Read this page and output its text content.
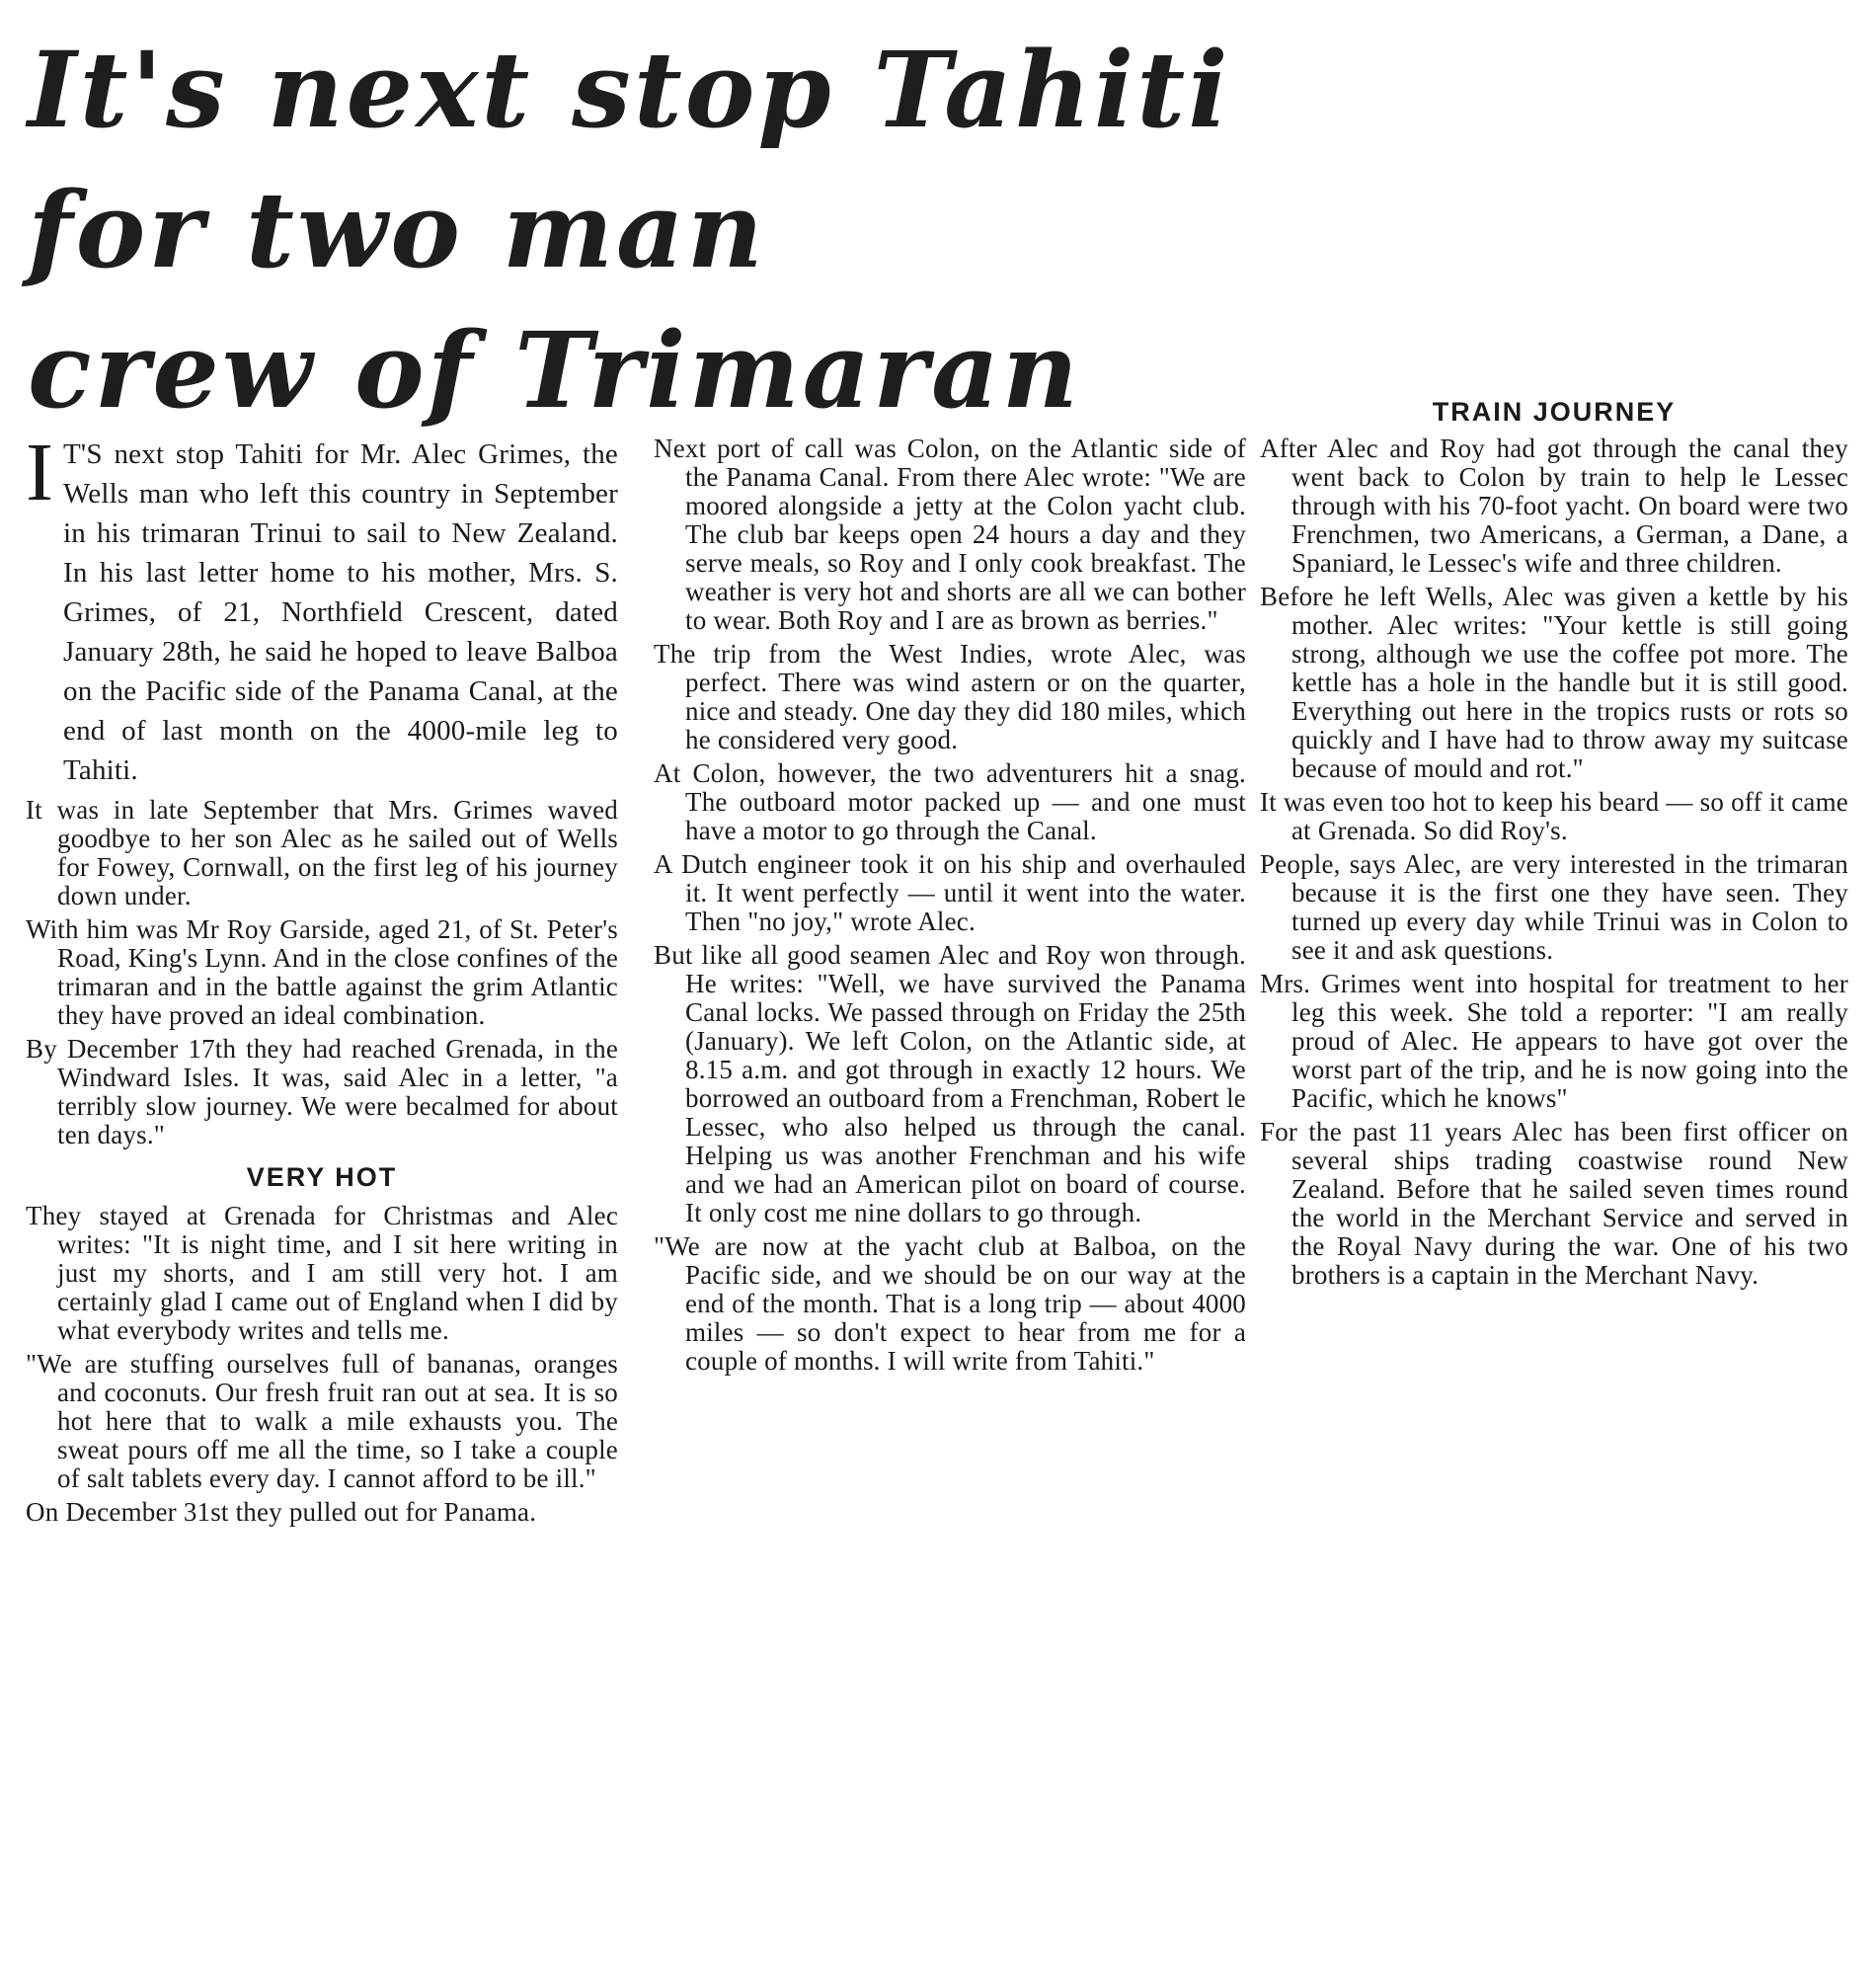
It's next stop Tahiti
for two man
crew of Trimaran

I T'S next stop Tahiti for Mr. Alec Grimes, the Wells man who left this country in September in his trimaran Trinui to sail to New Zealand. In his last letter home to his mother, Mrs. S. Grimes, of 21, Northfield Crescent, dated January 28th, he said he hoped to leave Balboa on the Pacific side of the Panama Canal, at the end of last month on the 4000-mile leg to Tahiti.

It was in late September that Mrs. Grimes waved goodbye to her son Alec as he sailed out of Wells for Fowey, Cornwall, on the first leg of his journey down under.

With him was Mr Roy Garside, aged 21, of St. Peter's Road, King's Lynn. And in the close confines of the trimaran and in the battle against the grim Atlantic they have proved an ideal combination.

By December 17th they had reached Grenada, in the Windward Isles. It was, said Alec in a letter, "a terribly slow journey. We were becalmed for about ten days."

VERY HOT

They stayed at Grenada for Christmas and Alec writes: "It is night time, and I sit here writing in just my shorts, and I am still very hot. I am certainly glad I came out of England when I did by what everybody writes and tells me.

"We are stuffing ourselves full of bananas, oranges and coconuts. Our fresh fruit ran out at sea. It is so hot here that to walk a mile exhausts you. The sweat pours off me all the time, so I take a couple of salt tablets every day. I cannot afford to be ill."

On December 31st they pulled out for Panama.

Next port of call was Colon, on the Atlantic side of the Panama Canal. From there Alec wrote: "We are moored alongside a jetty at the Colon yacht club. The club bar keeps open 24 hours a day and they serve meals, so Roy and I only cook breakfast. The weather is very hot and shorts are all we can bother to wear. Both Roy and I are as brown as berries."

The trip from the West Indies, wrote Alec, was perfect. There was wind astern or on the quarter, nice and steady. One day they did 180 miles, which he considered very good.

At Colon, however, the two adventurers hit a snag. The outboard motor packed up — and one must have a motor to go through the Canal.

A Dutch engineer took it on his ship and overhauled it. It went perfectly — until it went into the water. Then "no joy," wrote Alec.

But like all good seamen Alec and Roy won through. He writes: "Well, we have survived the Panama Canal locks. We passed through on Friday the 25th (January). We left Colon, on the Atlantic side, at 8.15 a.m. and got through in exactly 12 hours. We borrowed an outboard from a Frenchman, Robert le Lessec, who also helped us through the canal. Helping us was another Frenchman and his wife and we had an American pilot on board of course. It only cost me nine dollars to go through.

"We are now at the yacht club at Balboa, on the Pacific side, and we should be on our way at the end of the month. That is a long trip — about 4000 miles — so don't expect to hear from me for a couple of months. I will write from Tahiti."

TRAIN JOURNEY

After Alec and Roy had got through the canal they went back to Colon by train to help le Lessec through with his 70-foot yacht. On board were two Frenchmen, two Americans, a German, a Dane, a Spaniard, le Lessec's wife and three children.

Before he left Wells, Alec was given a kettle by his mother. Alec writes: "Your kettle is still going strong, although we use the coffee pot more. The kettle has a hole in the handle but it is still good. Everything out here in the tropics rusts or rots so quickly and I have had to throw away my suitcase because of mould and rot."

It was even too hot to keep his beard — so off it came at Grenada. So did Roy's.

People, says Alec, are very interested in the trimaran because it is the first one they have seen. They turned up every day while Trinui was in Colon to see it and ask questions.

Mrs. Grimes went into hospital for treatment to her leg this week. She told a reporter: "I am really proud of Alec. He appears to have got over the worst part of the trip, and he is now going into the Pacific, which he knows"

For the past 11 years Alec has been first officer on several ships trading coastwise round New Zealand. Before that he sailed seven times round the world in the Merchant Service and served in the Royal Navy during the war. One of his two brothers is a captain in the Merchant Navy.
